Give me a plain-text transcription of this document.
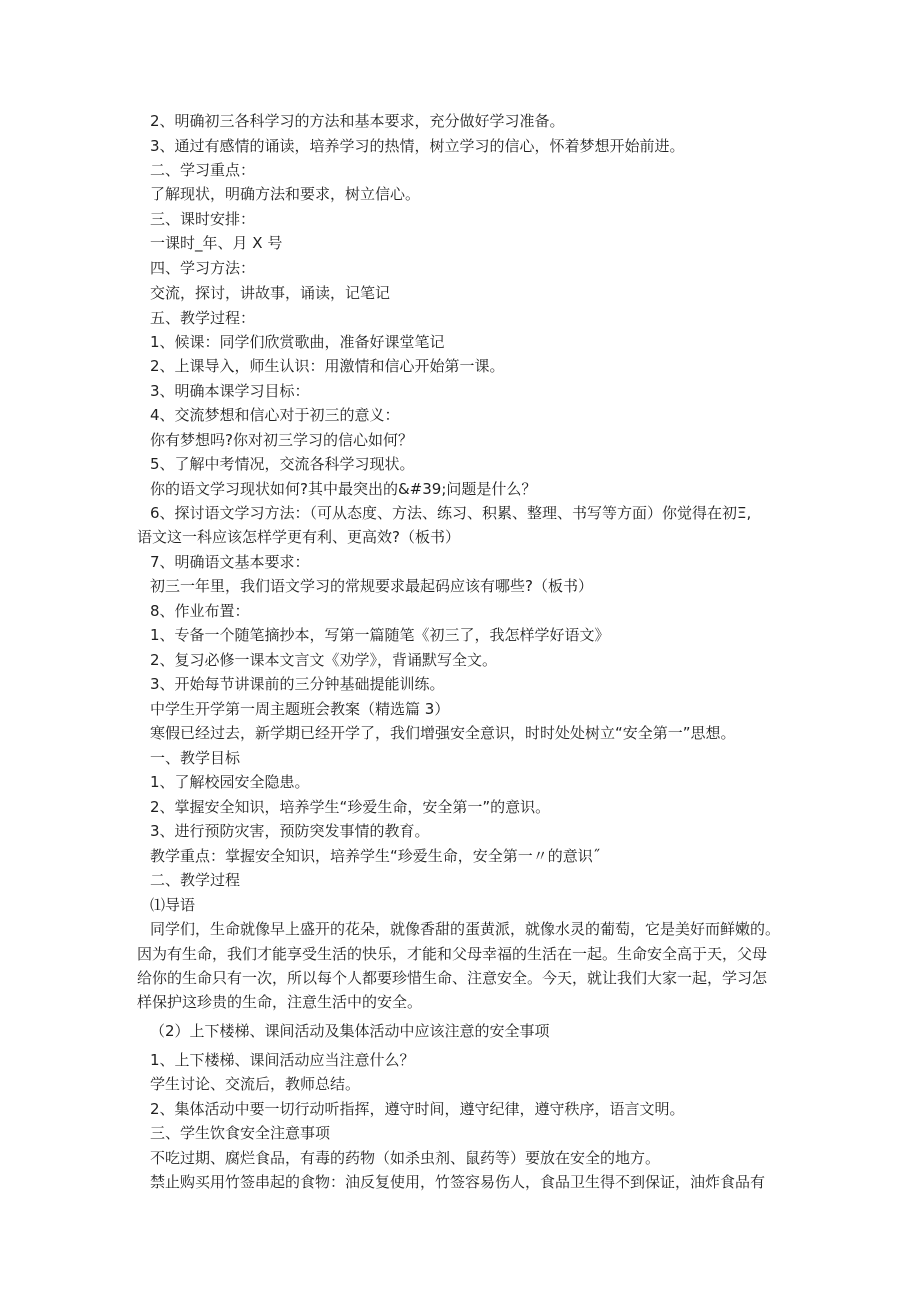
2、明确初三各科学习的方法和基本要求，充分做好学习准备。
3、通过有感情的诵读，培养学习的热情，树立学习的信心，怀着梦想开始前进。
二、学习重点：
了解现状，明确方法和要求，树立信心。
三、课时安排：
一课时_年、月 X 号
四、学习方法：
交流，探讨，讲故事，诵读，记笔记
五、教学过程：
1、候课：同学们欣赏歌曲，准备好课堂笔记
2、上课导入，师生认识：用激情和信心开始第一课。
3、明确本课学习目标：
4、交流梦想和信心对于初三的意义：
你有梦想吗?你对初三学习的信心如何？
5、了解中考情况，交流各科学习现状。
你的语文学习现状如何?其中最突出的&#39;问题是什么？
6、探讨语文学习方法：（可从态度、方法、练习、积累、整理、书写等方面）你觉得在初Ξ,
语文这一科应该怎样学更有利、更高效?（板书）
7、明确语文基本要求：
初三一年里，我们语文学习的常规要求最起码应该有哪些?（板书）
8、作业布置：
1、专备一个随笔摘抄本，写第一篇随笔《初三了，我怎样学好语文》
2、复习必修一课本文言文《劝学》，背诵默写全文。
3、开始每节讲课前的三分钟基础提能训练。
中学生开学第一周主题班会教案（精选篇 3）
寒假已经过去，新学期已经开学了，我们增强安全意识，时时处处树立“安全第一”思想。
一、教学目标
1、了解校园安全隐患。
2、掌握安全知识，培养学生“珍爱生命，安全第一”的意识。
3、进行预防灾害，预防突发事情的教育。
教学重点：掌握安全知识，培养学生“珍爱生命，安全第一〃的意识˝
二、教学过程
⑴导语
同学们，生命就像早上盛开的花朵，就像香甜的蛋黄派，就像水灵的葡萄，它是美好而鲜嫩的。
因为有生命，我们才能享受生活的快乐，才能和父母幸福的生活在一起。生命安全高于天，父母
给你的生命只有一次，所以每个人都要珍惜生命、注意安全。今天，就让我们大家一起，学习怎
样保护这珍贵的生命，注意生活中的安全。
（2）上下楼梯、课间活动及集体活动中应该注意的安全事项
1、上下楼梯、课间活动应当注意什么？
学生讨论、交流后，教师总结。
2、集体活动中要一切行动听指挥，遵守时间，遵守纪律，遵守秩序，语言文明。
三、学生饮食安全注意事项
不吃过期、腐烂食品，有毒的药物（如杀虫剂、鼠药等）要放在安全的地方。
禁止购买用竹签串起的食物：油反复使用，竹签容易伤人，食品卫生得不到保证，油炸食品有
